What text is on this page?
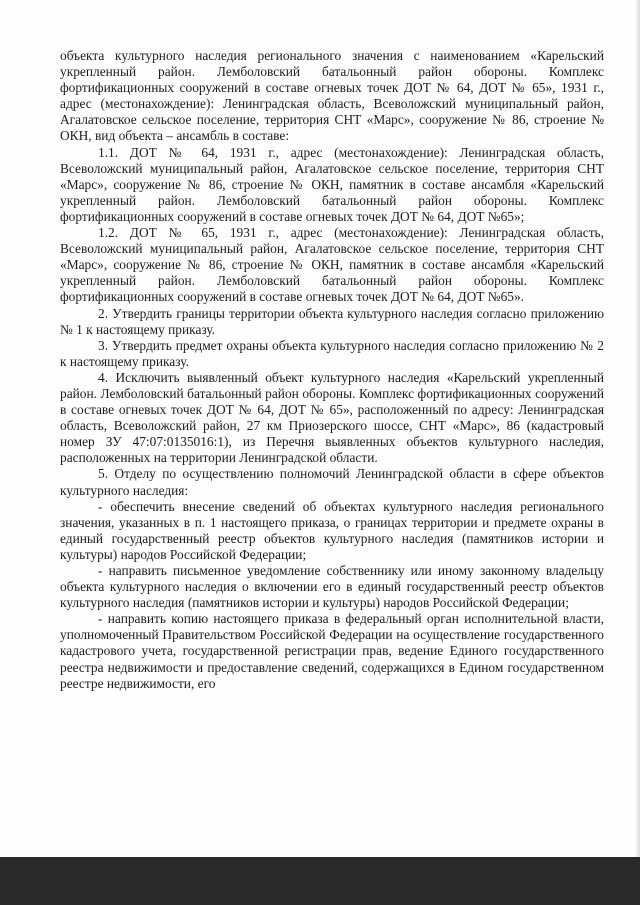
объекта культурного наследия регионального значения с наименованием «Карельский укрепленный район. Лемболовский батальонный район обороны. Комплекс фортификационных сооружений в составе огневых точек ДОТ № 64, ДОТ № 65», 1931 г., адрес (местонахождение): Ленинградская область, Всеволожский муниципальный район, Агалатовское сельское поселение, территория СНТ «Марс», сооружение № 86, строение № ОКН, вид объекта – ансамбль в составе:

1.1. ДОТ № 64, 1931 г., адрес (местонахождение): Ленинградская область, Всеволожский муниципальный район, Агалатовское сельское поселение, территория СНТ «Марс», сооружение № 86, строение № ОКН, памятник в составе ансамбля «Карельский укрепленный район. Лемболовский батальонный район обороны. Комплекс фортификационных сооружений в составе огневых точек ДОТ № 64, ДОТ №65»;

1.2. ДОТ № 65, 1931 г., адрес (местонахождение): Ленинградская область, Всеволожский муниципальный район, Агалатовское сельское поселение, территория СНТ «Марс», сооружение № 86, строение № ОКН, памятник в составе ансамбля «Карельский укрепленный район. Лемболовский батальонный район обороны. Комплекс фортификационных сооружений в составе огневых точек ДОТ № 64, ДОТ №65».

2. Утвердить границы территории объекта культурного наследия согласно приложению № 1 к настоящему приказу.

3. Утвердить предмет охраны объекта культурного наследия согласно приложению № 2 к настоящему приказу.

4. Исключить выявленный объект культурного наследия «Карельский укрепленный район. Лемболовский батальонный район обороны. Комплекс фортификационных сооружений в составе огневых точек ДОТ № 64, ДОТ № 65», расположенный по адресу: Ленинградская область, Всеволожский район, 27 км Приозерского шоссе, СНТ «Марс», 86 (кадастровый номер ЗУ 47:07:0135016:1), из Перечня выявленных объектов культурного наследия, расположенных на территории Ленинградской области.

5. Отделу по осуществлению полномочий Ленинградской области в сфере объектов культурного наследия:

- обеспечить внесение сведений об объектах культурного наследия регионального значения, указанных в п. 1 настоящего приказа, о границах территории и предмете охраны в единый государственный реестр объектов культурного наследия (памятников истории и культуры) народов Российской Федерации;

- направить письменное уведомление собственнику или иному законному владельцу объекта культурного наследия о включении его в единый государственный реестр объектов культурного наследия (памятников истории и культуры) народов Российской Федерации;

- направить копию настоящего приказа в федеральный орган исполнительной власти, уполномоченный Правительством Российской Федерации на осуществление государственного кадастрового учета, государственной регистрации прав, ведение Единого государственного реестра недвижимости и предоставление сведений, содержащихся в Едином государственном реестре недвижимости, его
